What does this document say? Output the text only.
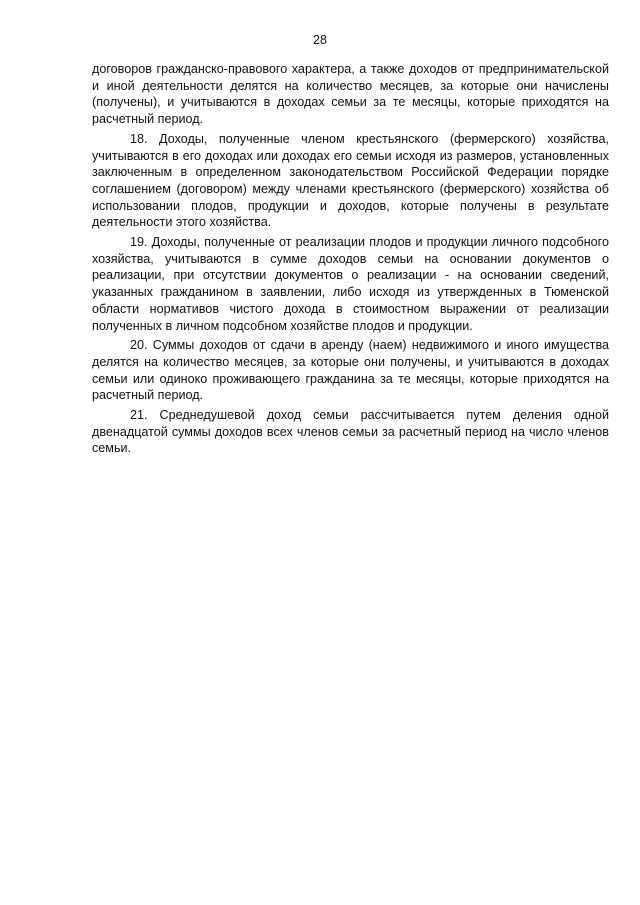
28

договоров гражданско-правового характера, а также доходов от предпринимательской и иной деятельности делятся на количество месяцев, за которые они начислены (получены), и учитываются в доходах семьи за те месяцы, которые приходятся на расчетный период.

18. Доходы, полученные членом крестьянского (фермерского) хозяйства, учитываются в его доходах или доходах его семьи исходя из размеров, установленных заключенным в определенном законодательством Российской Федерации порядке соглашением (договором) между членами крестьянского (фермерского) хозяйства об использовании плодов, продукции и доходов, которые получены в результате деятельности этого хозяйства.

19. Доходы, полученные от реализации плодов и продукции личного подсобного хозяйства, учитываются в сумме доходов семьи на основании документов о реализации, при отсутствии документов о реализации - на основании сведений, указанных гражданином в заявлении, либо исходя из утвержденных в Тюменской области нормативов чистого дохода в стоимостном выражении от реализации полученных в личном подсобном хозяйстве плодов и продукции.

20. Суммы доходов от сдачи в аренду (наем) недвижимого и иного имущества делятся на количество месяцев, за которые они получены, и учитываются в доходах семьи или одиноко проживающего гражданина за те месяцы, которые приходятся на расчетный период.

21. Среднедушевой доход семьи рассчитывается путем деления одной двенадцатой суммы доходов всех членов семьи за расчетный период на число членов семьи.
